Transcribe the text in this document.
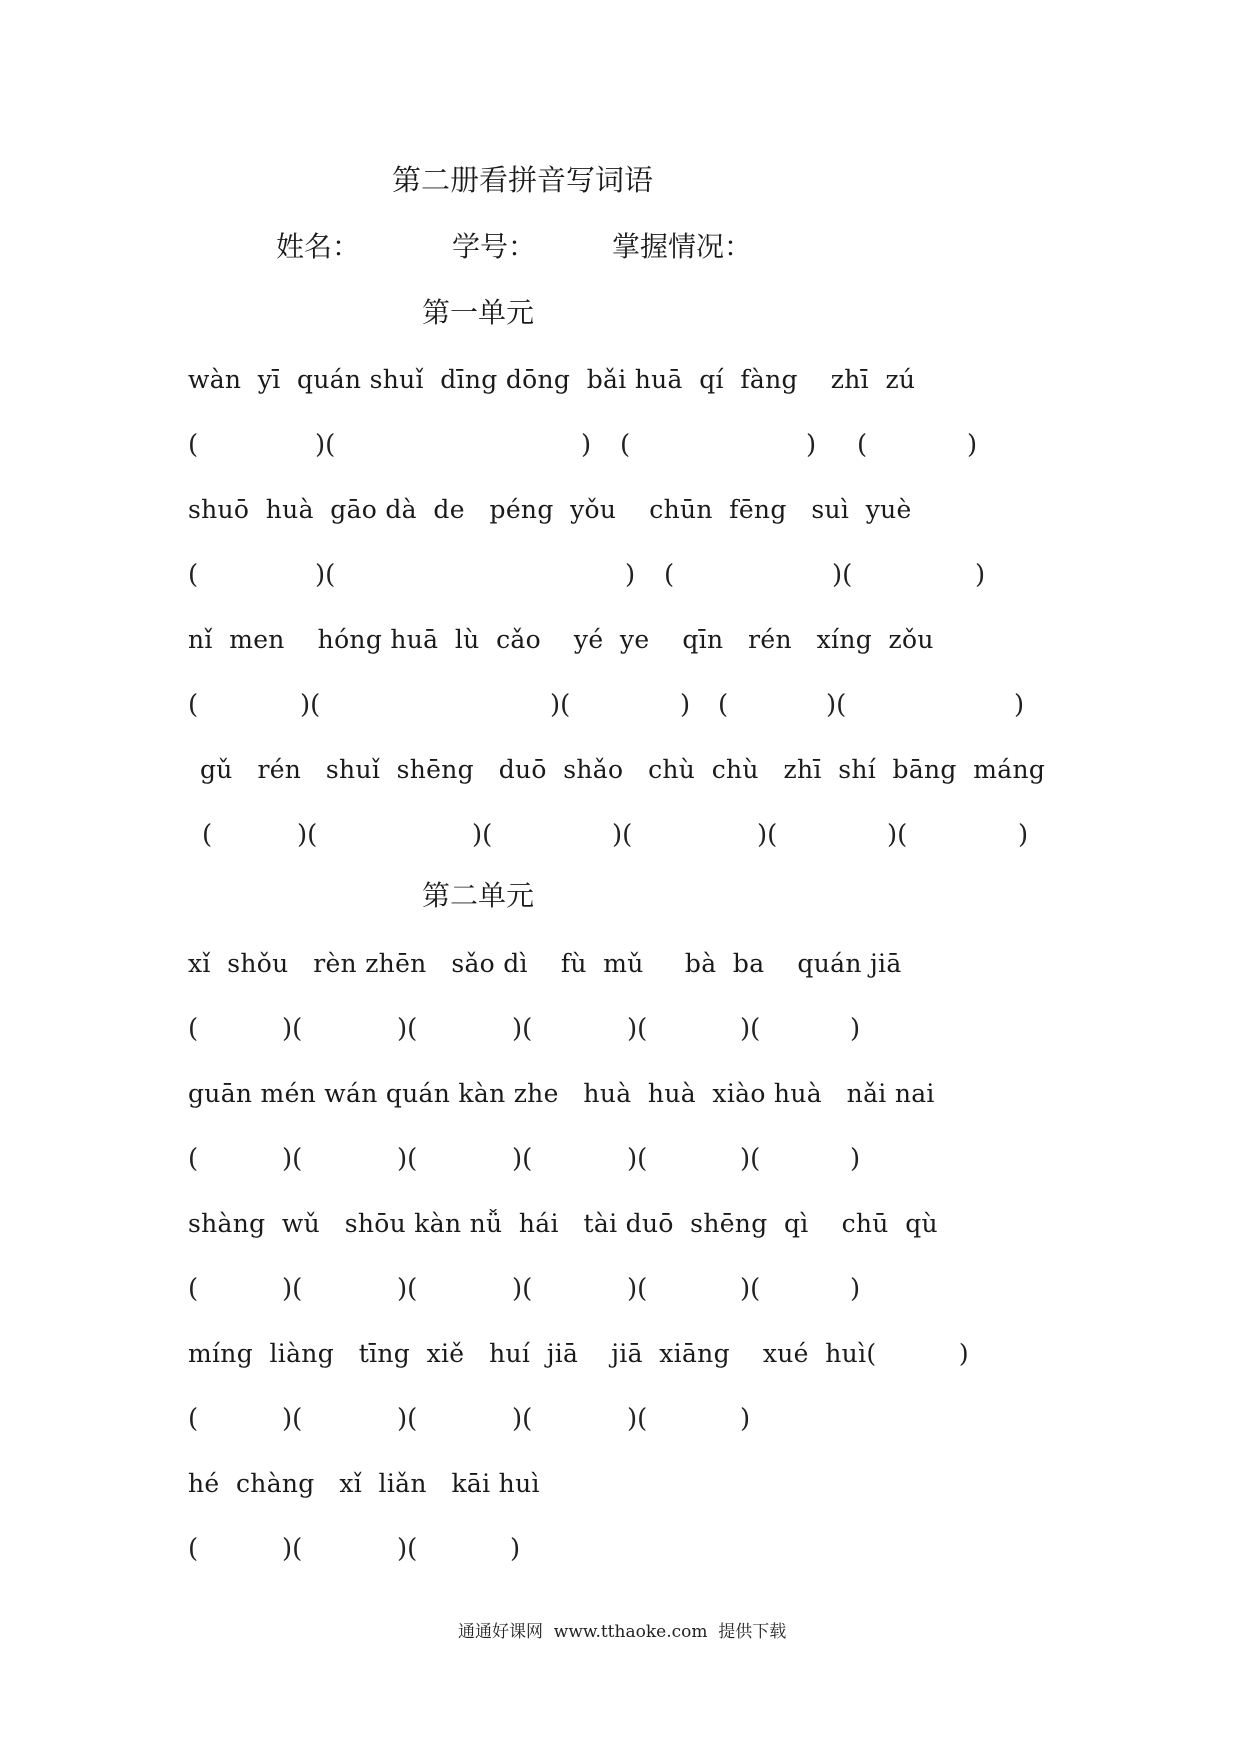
第二册看拼音写词语
姓名：	学号：	掌握情况：
第一单元
wàn  yī  quán shuǐ  dīng dōng  bǎi huā  qí  fàng    zhī  zú
(	)(	) (	) (	)
shuō  huà  gāo dà  de   péng  yǒu    chūn  fēng   suì  yuè
(	)(	) (	)(	)
nǐ  men    hóng huā  lù  cǎo    yé  ye    qīn   rén   xíng  zǒu
(	)(	)(	) (	)(	)
gǔ   rén   shuǐ  shēng   duō  shǎo   chù  chù   zhī  shí  bāng  máng
(	)(	)(	)(	)(	)(	)
第二单元
xǐ  shǒu   rèn zhēn   sǎo dì    fù  mǔ     bà  ba    quán jiā
(	)(	)(	)(	)(	)(	)
guān mén wán quán kàn zhe   huà  huà  xiào huà   nǎi nai
(	)(	)(	)(	)(	)(	)
shàng  wǔ   shōu kàn nǚ  hái   tài duō  shēng  qì    chū  qù
(	)(	)(	)(	)(	)(	)
míng  liàng   tīng  xiě   huí  jiā    jiā  xiāng    xué  huì(          )
(	)(	)(	)(	)(	)
hé  chàng   xǐ  liǎn   kāi huì
(	)(	)(	)
通通好课网  www.tthaoke.com  提供下载
